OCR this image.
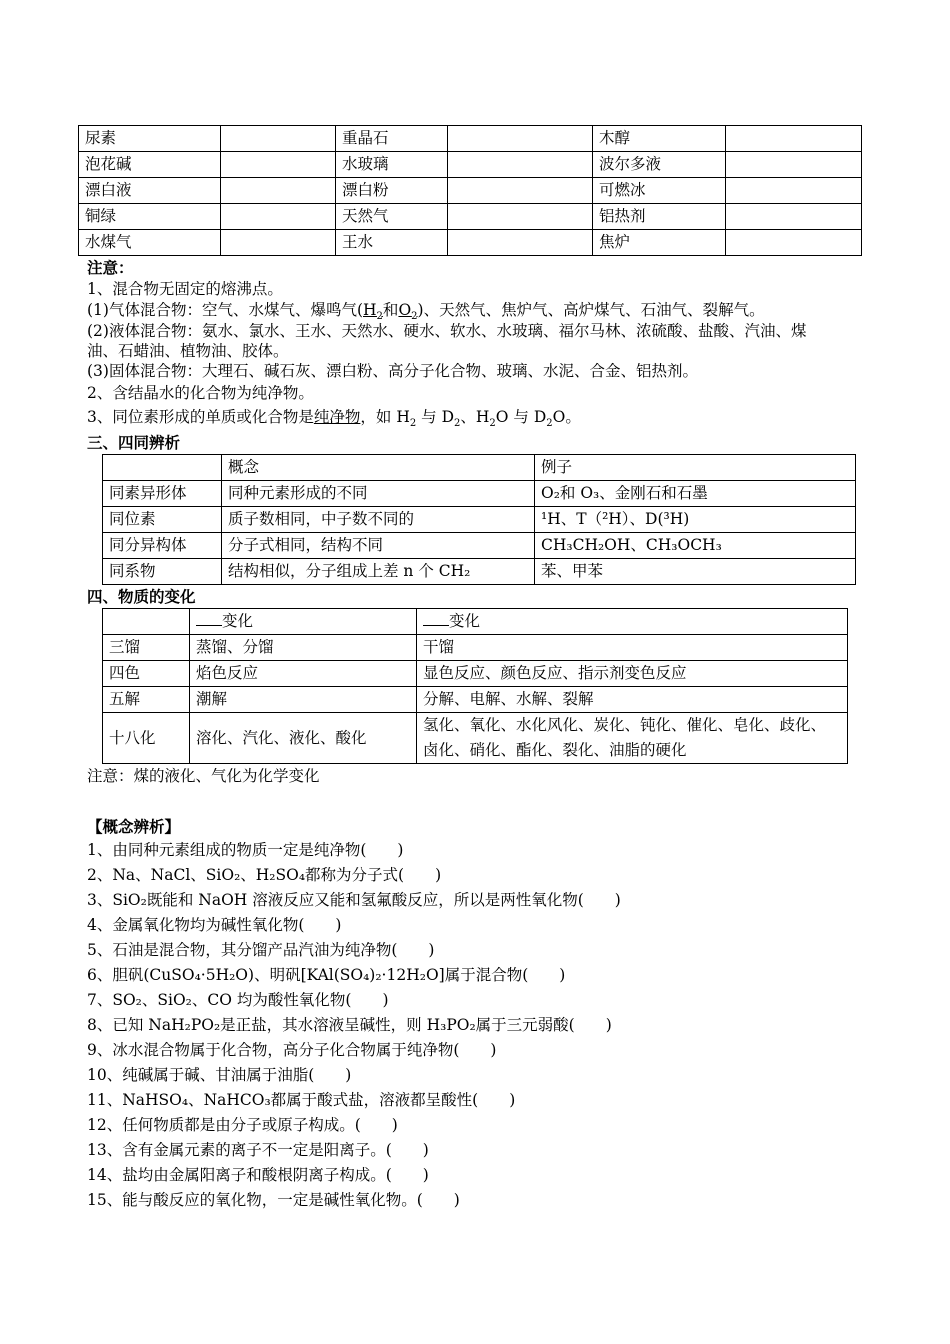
尿素		重晶石		木醇	
泡花碱		水玻璃		波尔多液	
漂白液		漂白粉		可燃冰	
铜绿		天然气		铝热剂	
水煤气		王水		焦炉	
注意：
1、混合物无固定的熔沸点。
(1)气体混合物：空气、水煤气、爆鸣气($H_2$和$O_2$)、天然气、焦炉气、高炉煤气、石油气、裂解气。
(2)液体混合物：氨水、氯水、王水、天然水、硬水、软水、水玻璃、福尔马林、浓硫酸、盐酸、汽油、煤
油、石蜡油、植物油、胶体。
(3)固体混合物：大理石、碱石灰、漂白粉、高分子化合物、玻璃、水泥、合金、铝热剂。
2、含结晶水的化合物为纯净物。
3、同位素形成的单质或化合物是纯净物，如 $H_2$ 与 $D_2$、$H_2O$ 与 $D_2O$。
三、四同辨析
	概念	例子
同素异形体	同种元素形成的不同	O₂和 O₃、金刚石和石墨
同位素	质子数相同，中子数不同的	¹H、T（²H）、D(³H)
同分异构体	分子式相同，结构不同	CH₃CH₂OH、CH₃OCH₃
同系物	结构相似，分子组成上差 n 个 CH₂	苯、甲苯
四、物质的变化
	变化	变化
三馏	蒸馏、分馏	干馏
四色	焰色反应	显色反应、颜色反应、指示剂变色反应
五解	潮解	分解、电解、水解、裂解
十八化	溶化、汽化、液化、酸化	氢化、氧化、水化风化、炭化、钝化、催化、皂化、歧化、卤化、硝化、酯化、裂化、油脂的硬化
注意：煤的液化、气化为化学变化
【概念辨析】
1、由同种元素组成的物质一定是纯净物(　　)
2、Na、NaCl、SiO₂、H₂SO₄都称为分子式(　　)
3、SiO₂既能和 NaOH 溶液反应又能和氢氟酸反应，所以是两性氧化物(　　)
4、金属氧化物均为碱性氧化物(　　)
5、石油是混合物，其分馏产品汽油为纯净物(　　)
6、胆矾(CuSO₄·5H₂O)、明矾[KAl(SO₄)₂·12H₂O]属于混合物(　　)
7、SO₂、SiO₂、CO 均为酸性氧化物(　　)
8、已知 NaH₂PO₂是正盐，其水溶液呈碱性，则 H₃PO₂属于三元弱酸(　　)
9、冰水混合物属于化合物，高分子化合物属于纯净物(　　)
10、纯碱属于碱、甘油属于油脂(　　)
11、NaHSO₄、NaHCO₃都属于酸式盐，溶液都呈酸性(　　)
12、任何物质都是由分子或原子构成。(　　)
13、含有金属元素的离子不一定是阳离子。(　　)
14、盐均由金属阳离子和酸根阴离子构成。(　　)
15、能与酸反应的氧化物，一定是碱性氧化物。(　　)
